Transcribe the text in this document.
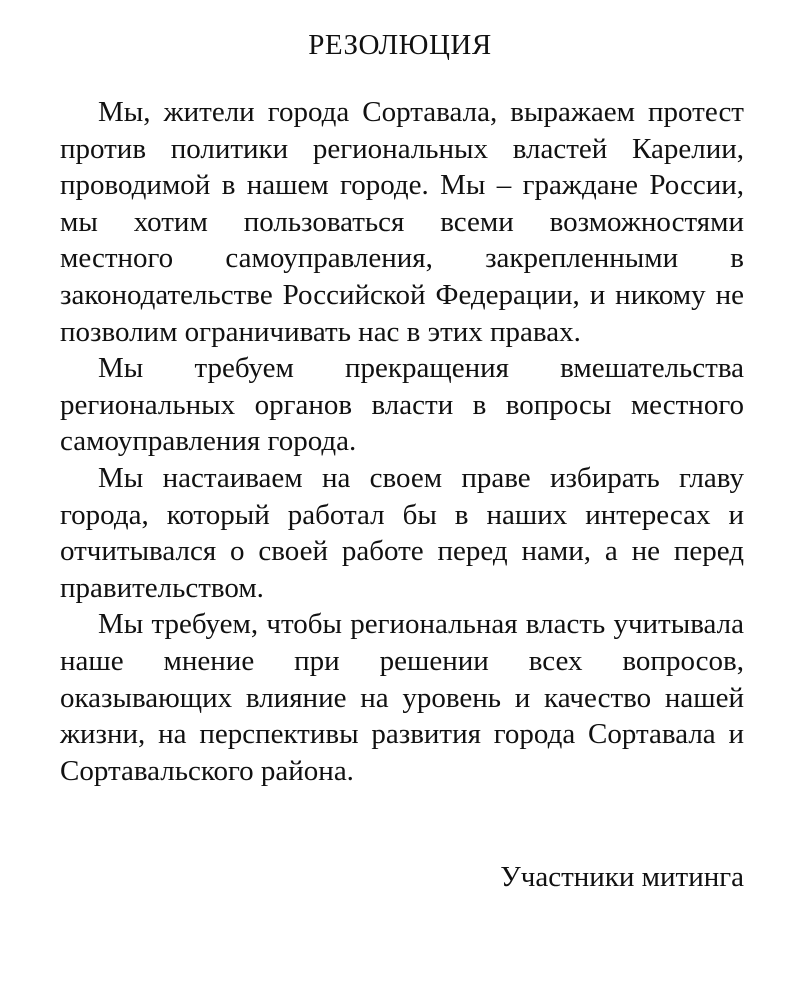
РЕЗОЛЮЦИЯ

Мы, жители города Сортавала, выражаем протест против политики региональных властей Карелии, проводимой в нашем городе. Мы – граждане России, мы хотим пользоваться всеми возможностями местного самоуправления, закрепленными в законодательстве Российской Федерации, и никому не позволим ограничивать нас в этих правах.

Мы требуем прекращения вмешательства региональных органов власти в вопросы местного самоуправления города.

Мы настаиваем на своем праве избирать главу города, который работал бы в наших интересах и отчитывался о своей работе перед нами, а не перед правительством.

Мы требуем, чтобы региональная власть учитывала наше мнение при решении всех вопросов, оказывающих влияние на уровень и качество нашей жизни, на перспективы развития города Сортавала и Сортавальского района.

Участники митинга
